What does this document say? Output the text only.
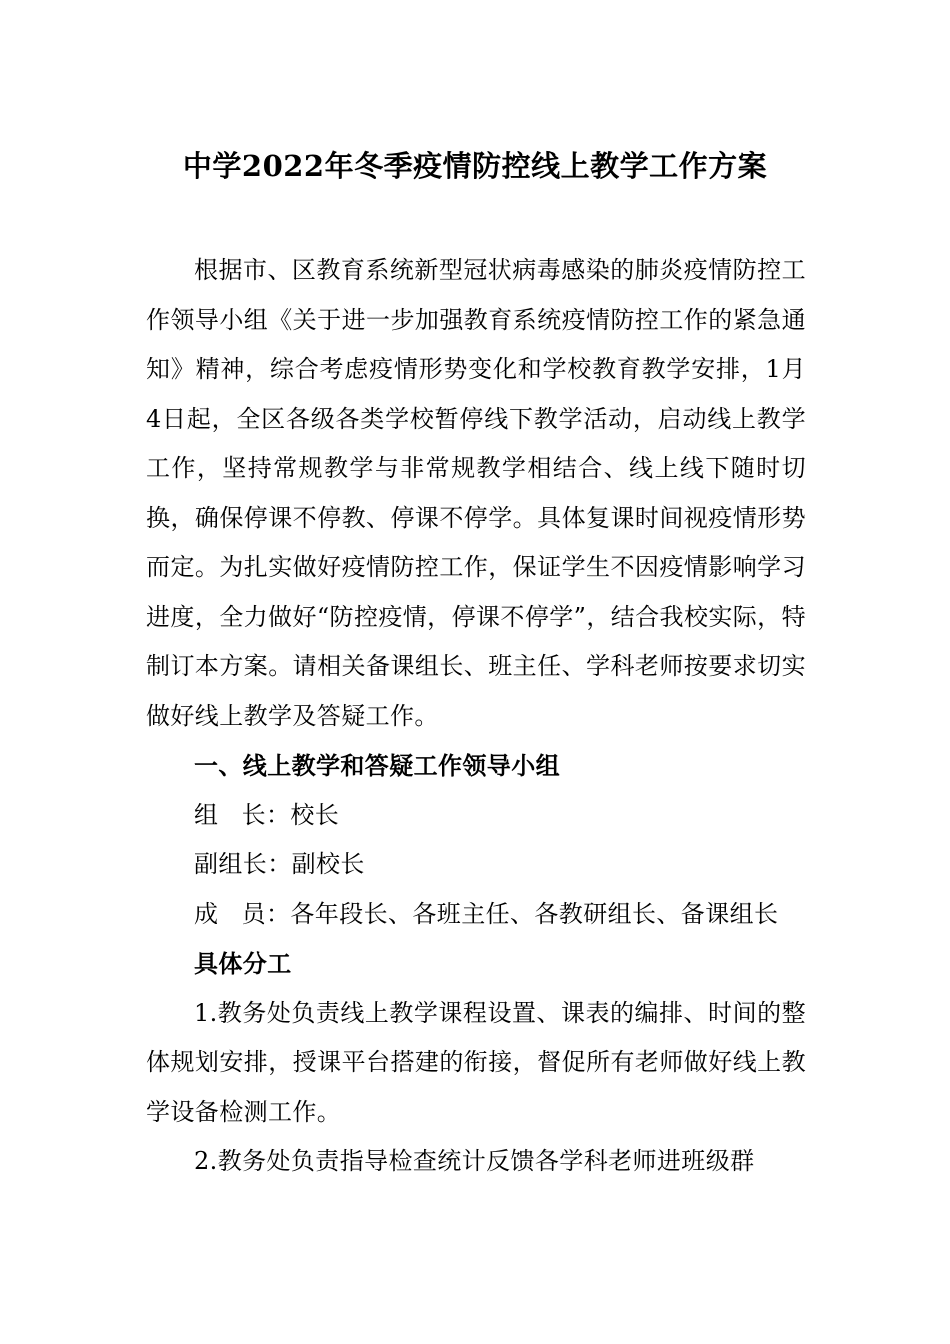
中学2022年冬季疫情防控线上教学工作方案

根据市、区教育系统新型冠状病毒感染的肺炎疫情防控工作领导小组《关于进一步加强教育系统疫情防控工作的紧急通知》精神，综合考虑疫情形势变化和学校教育教学安排，1月4日起，全区各级各类学校暂停线下教学活动，启动线上教学工作，坚持常规教学与非常规教学相结合、线上线下随时切换，确保停课不停教、停课不停学。具体复课时间视疫情形势而定。为扎实做好疫情防控工作，保证学生不因疫情影响学习进度，全力做好“防控疫情，停课不停学”，结合我校实际，特制订本方案。请相关备课组长、班主任、学科老师按要求切实做好线上教学及答疑工作。

一、线上教学和答疑工作领导小组

组 长：校长

副组长：副校长

成 员：各年段长、各班主任、各教研组长、备课组长

具体分工

1.教务处负责线上教学课程设置、课表的编排、时间的整体规划安排，授课平台搭建的衔接，督促所有老师做好线上教学设备检测工作。

2.教务处负责指导检查统计反馈各学科老师进班级群
